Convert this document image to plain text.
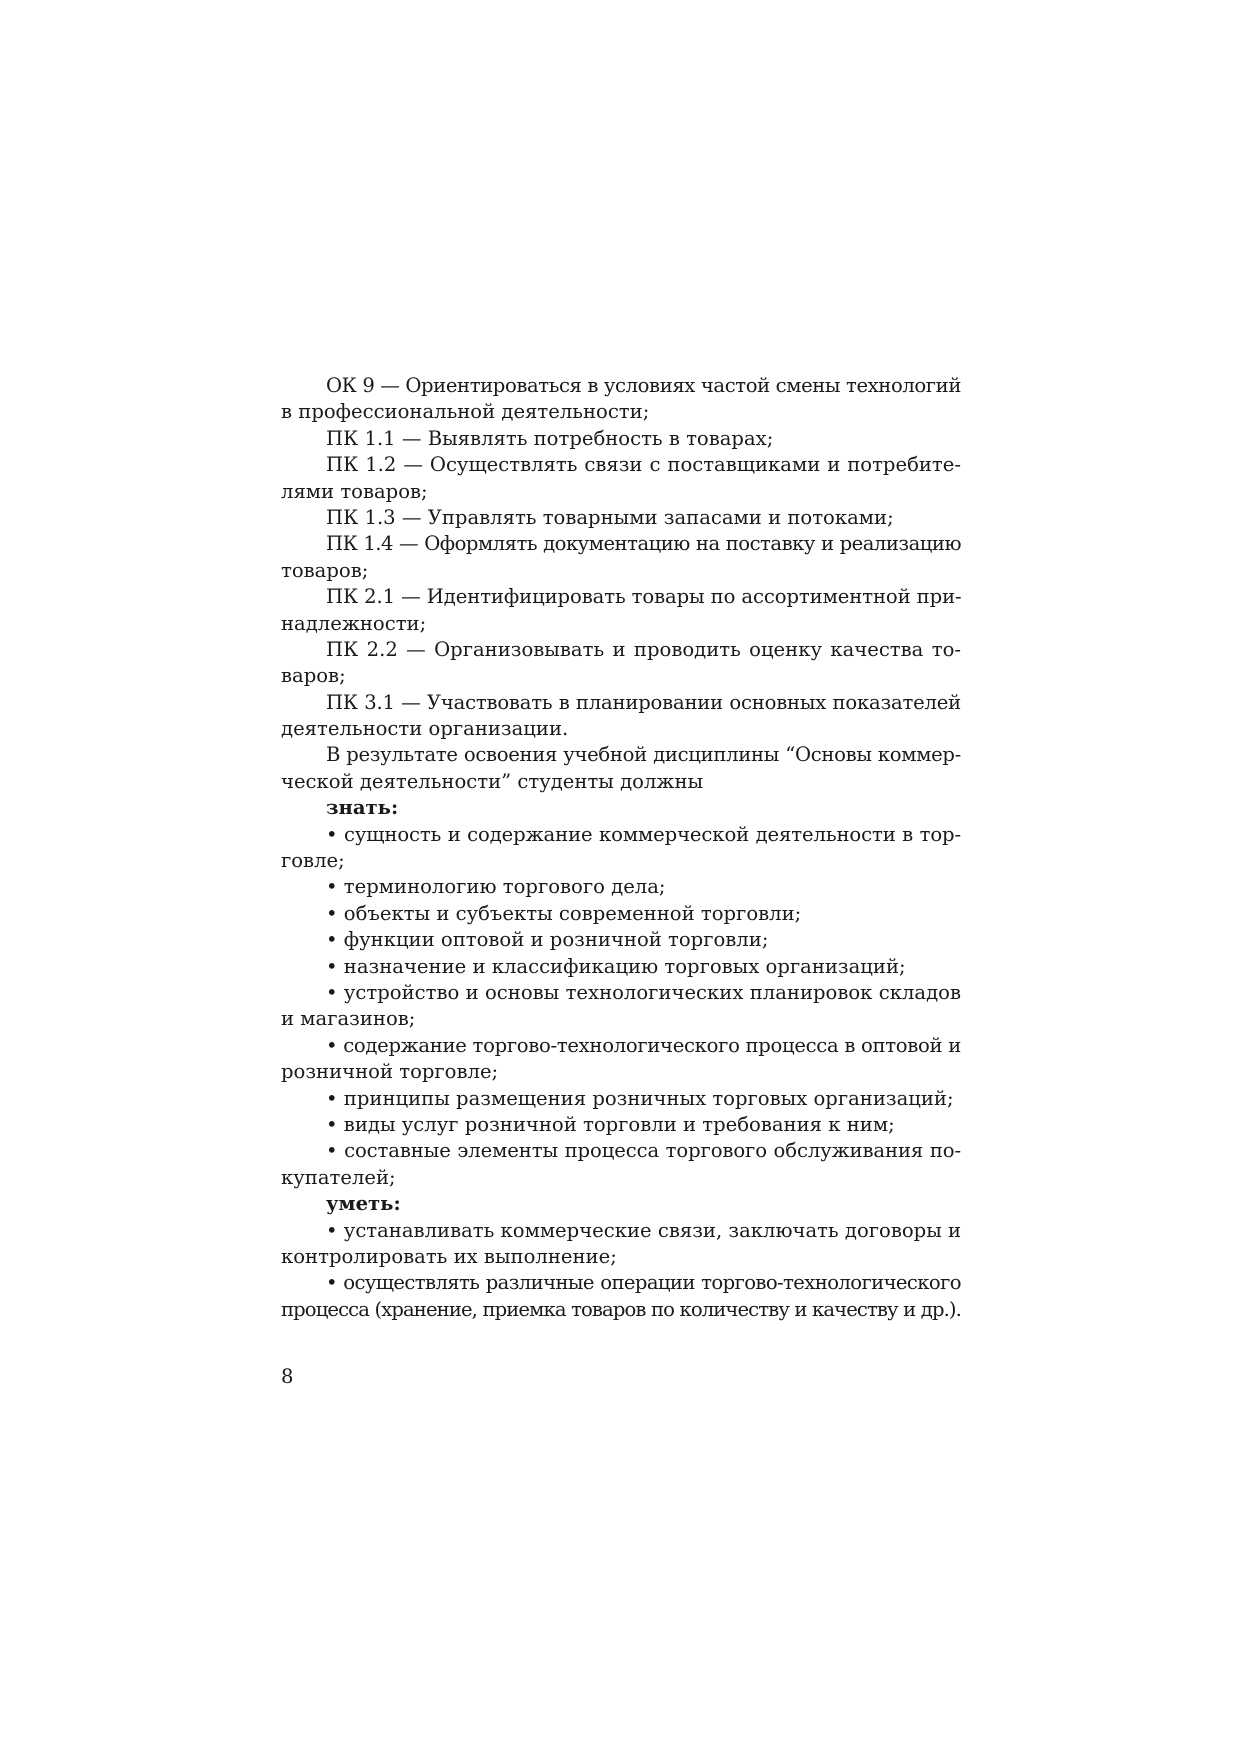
ОК 9 — Ориентироваться в условиях частой смены технологий
в профессиональной деятельности;
ПК 1.1 — Выявлять потребность в товарах;
ПК 1.2 — Осуществлять связи с поставщиками и потребите-
лями товаров;
ПК 1.3 — Управлять товарными запасами и потоками;
ПК 1.4 — Оформлять документацию на поставку и реализацию
товаров;
ПК 2.1 — Идентифицировать товары по ассортиментной при-
надлежности;
ПК 2.2 — Организовывать и проводить оценку качества то-
варов;
ПК 3.1 — Участвовать в планировании основных показателей
деятельности организации.
В результате освоения учебной дисциплины “Основы коммер-
ческой деятельности” студенты должны
знать:
• сущность и содержание коммерческой деятельности в тор-
говле;
• терминологию торгового дела;
• объекты и субъекты современной торговли;
• функции оптовой и розничной торговли;
• назначение и классификацию торговых организаций;
• устройство и основы технологических планировок складов
и магазинов;
• содержание торгово-технологического процесса в оптовой и
розничной торговле;
• принципы размещения розничных торговых организаций;
• виды услуг розничной торговли и требования к ним;
• составные элементы процесса торгового обслуживания по-
купателей;
уметь:
• устанавливать коммерческие связи, заключать договоры и
контролировать их выполнение;
• осуществлять различные операции торгово-технологического
процесса (хранение, приемка товаров по количеству и качеству и др.).
8
